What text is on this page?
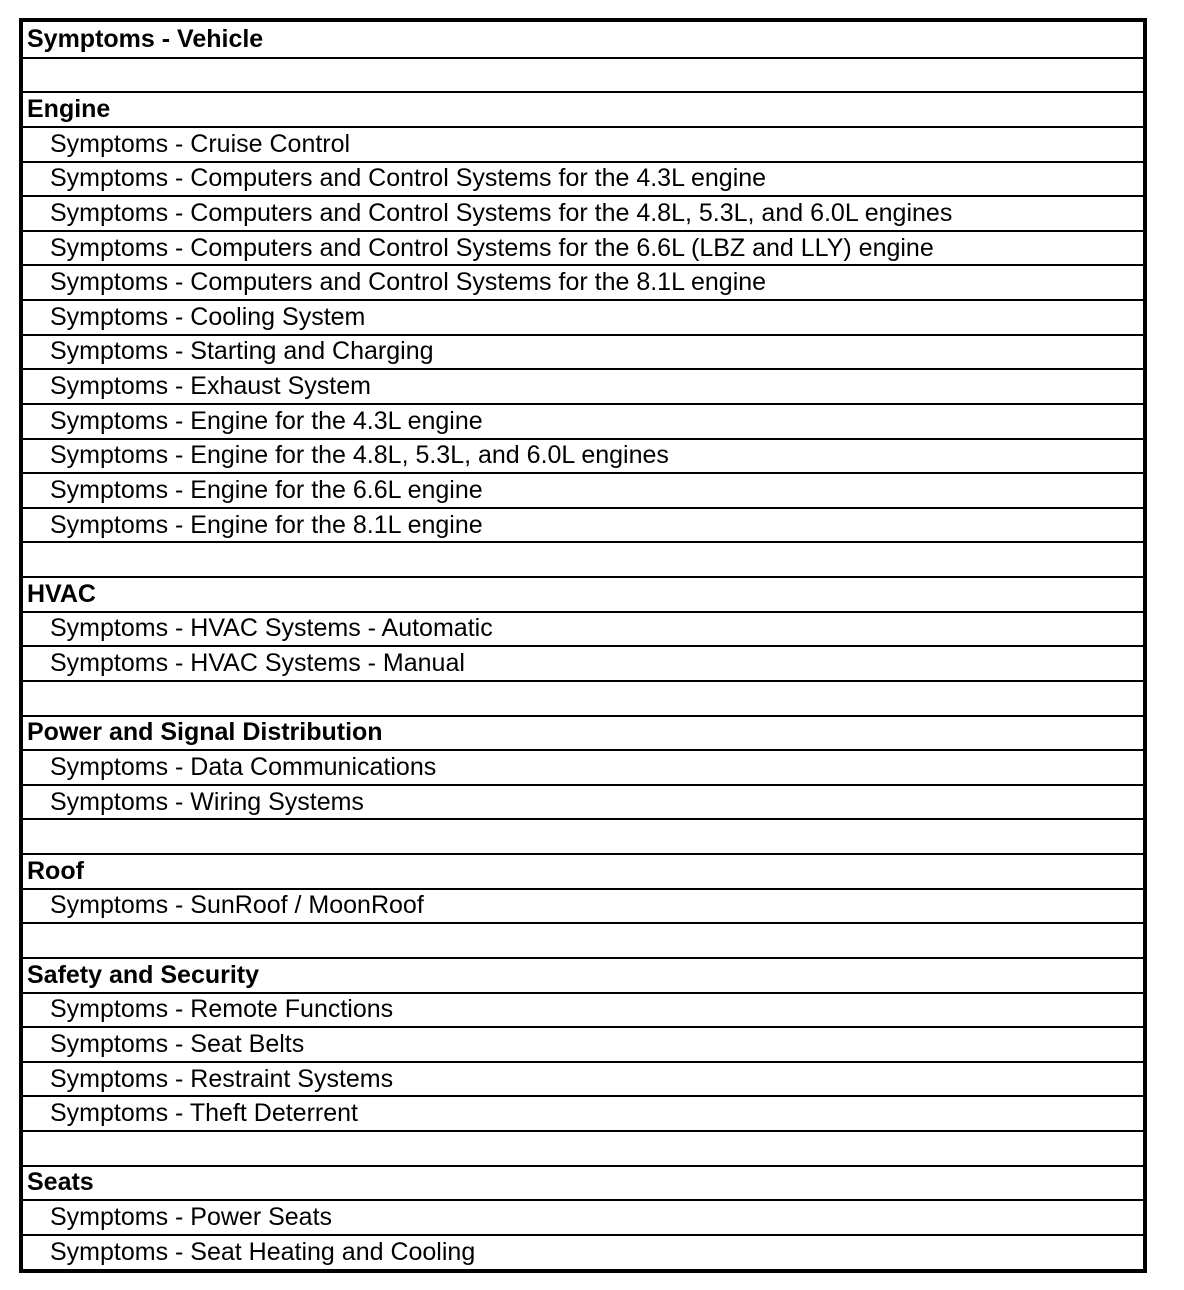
Symptoms - Vehicle
Engine
Symptoms - Cruise Control
Symptoms - Computers and Control Systems for the 4.3L engine
Symptoms - Computers and Control Systems for the 4.8L, 5.3L, and 6.0L engines
Symptoms - Computers and Control Systems for the 6.6L (LBZ and LLY) engine
Symptoms - Computers and Control Systems for the 8.1L engine
Symptoms - Cooling System
Symptoms - Starting and Charging
Symptoms - Exhaust System
Symptoms - Engine for the 4.3L engine
Symptoms - Engine for the 4.8L, 5.3L, and 6.0L engines
Symptoms - Engine for the 6.6L engine
Symptoms - Engine for the 8.1L engine
HVAC
Symptoms - HVAC Systems - Automatic
Symptoms - HVAC Systems - Manual
Power and Signal Distribution
Symptoms - Data Communications
Symptoms - Wiring Systems
Roof
Symptoms - SunRoof / MoonRoof
Safety and Security
Symptoms - Remote Functions
Symptoms - Seat Belts
Symptoms - Restraint Systems
Symptoms - Theft Deterrent
Seats
Symptoms - Power Seats
Symptoms - Seat Heating and Cooling
